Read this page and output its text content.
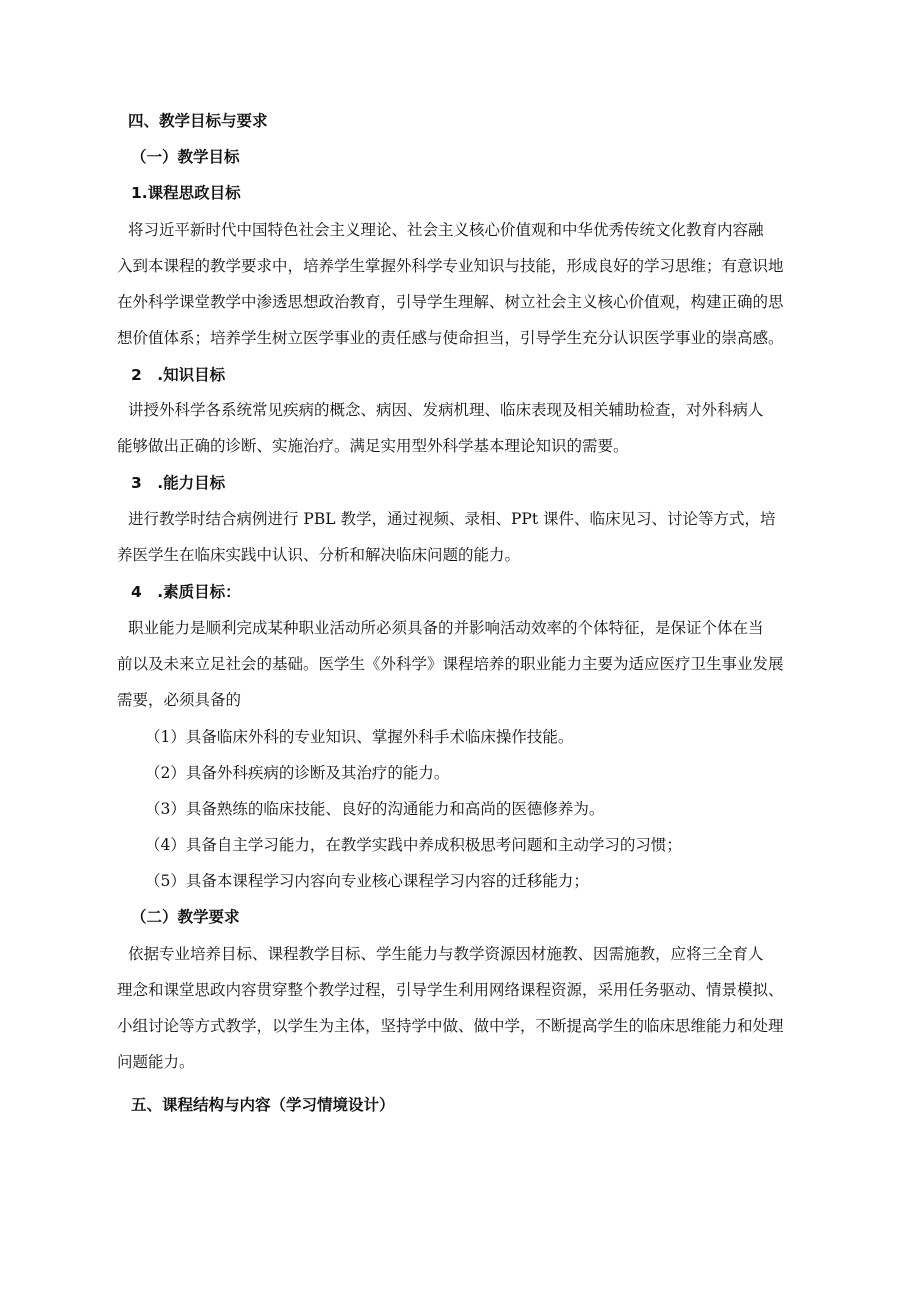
四、教学目标与要求
（一）教学目标
1.课程思政目标
将习近平新时代中国特色社会主义理论、社会主义核心价值观和中华优秀传统文化教育内容融
入到本课程的教学要求中，培养学生掌握外科学专业知识与技能，形成良好的学习思维；有意识地
在外科学课堂教学中渗透思想政治教育，引导学生理解、树立社会主义核心价值观，构建正确的思
想价值体系；培养学生树立医学事业的责任感与使命担当，引导学生充分认识医学事业的崇高感。
2　.知识目标
讲授外科学各系统常见疾病的概念、病因、发病机理、临床表现及相关辅助检查，对外科病人
能够做出正确的诊断、实施治疗。满足实用型外科学基本理论知识的需要。
3　.能力目标
进行教学时结合病例进行 PBL 教学，通过视频、录相、PPt 课件、临床见习、讨论等方式，培
养医学生在临床实践中认识、分析和解决临床问题的能力。
4　.素质目标：
职业能力是顺利完成某种职业活动所必须具备的并影响活动效率的个体特征，是保证个体在当
前以及未来立足社会的基础。医学生《外科学》课程培养的职业能力主要为适应医疗卫生事业发展
需要，必须具备的
（1）具备临床外科的专业知识、掌握外科手术临床操作技能。
（2）具备外科疾病的诊断及其治疗的能力。
（3）具备熟练的临床技能、良好的沟通能力和高尚的医德修养为。
（4）具备自主学习能力，在教学实践中养成积极思考问题和主动学习的习惯；
（5）具备本课程学习内容向专业核心课程学习内容的迁移能力；
（二）教学要求
依据专业培养目标、课程教学目标、学生能力与教学资源因材施教、因需施教，应将三全育人
理念和课堂思政内容贯穿整个教学过程，引导学生利用网络课程资源，采用任务驱动、情景模拟、
小组讨论等方式教学，以学生为主体，坚持学中做、做中学，不断提高学生的临床思维能力和处理
问题能力。
五、课程结构与内容（学习情境设计）
